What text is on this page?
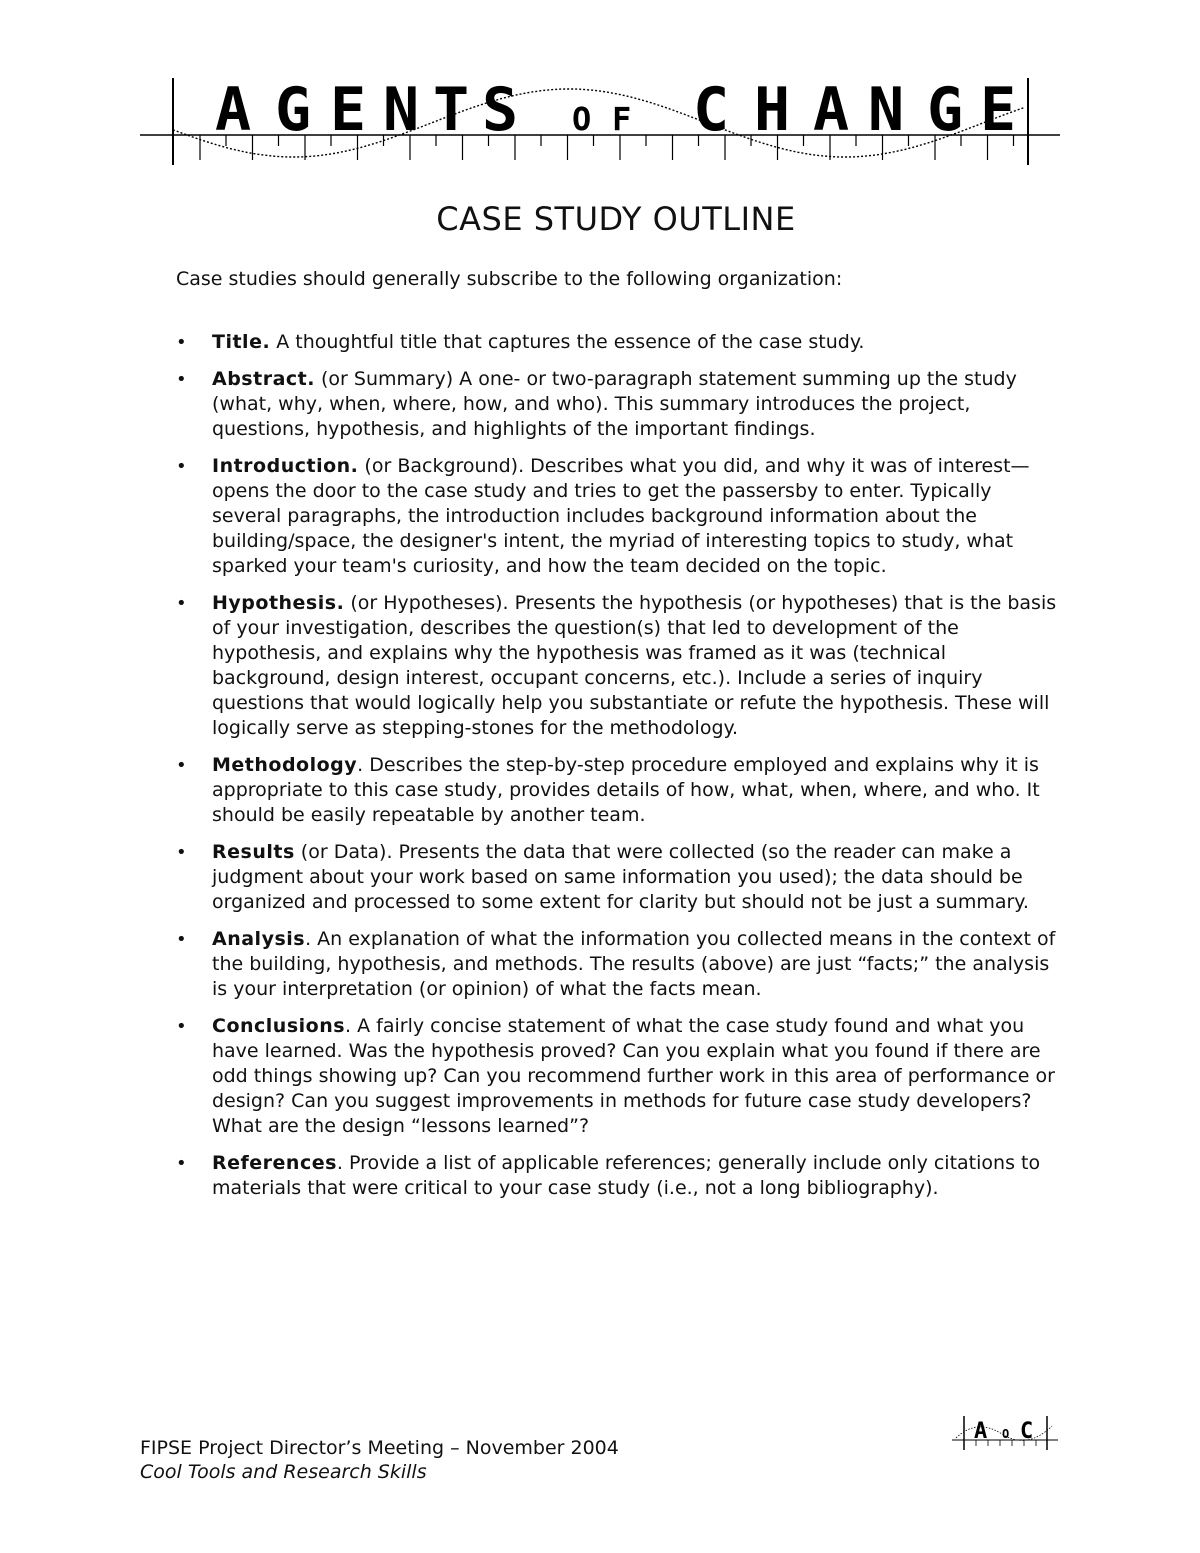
A G E N T S O F C H A N G E
CASE STUDY OUTLINE

Case studies should generally subscribe to the following organization:

• Title. A thoughtful title that captures the essence of the case study.
• Abstract. (or Summary) A one- or two-paragraph statement summing up the study (what, why, when, where, how, and who). This summary introduces the project, questions, hypothesis, and highlights of the important findings.
• Introduction. (or Background). Describes what you did, and why it was of interest—opens the door to the case study and tries to get the passersby to enter. Typically several paragraphs, the introduction includes background information about the building/space, the designer's intent, the myriad of interesting topics to study, what sparked your team's curiosity, and how the team decided on the topic.
• Hypothesis. (or Hypotheses). Presents the hypothesis (or hypotheses) that is the basis of your investigation, describes the question(s) that led to development of the hypothesis, and explains why the hypothesis was framed as it was (technical background, design interest, occupant concerns, etc.). Include a series of inquiry questions that would logically help you substantiate or refute the hypothesis. These will logically serve as stepping-stones for the methodology.
• Methodology. Describes the step-by-step procedure employed and explains why it is appropriate to this case study, provides details of how, what, when, where, and who. It should be easily repeatable by another team.
• Results (or Data). Presents the data that were collected (so the reader can make a judgment about your work based on same information you used); the data should be organized and processed to some extent for clarity but should not be just a summary.
• Analysis. An explanation of what the information you collected means in the context of the building, hypothesis, and methods. The results (above) are just “facts;” the analysis is your interpretation (or opinion) of what the facts mean.
• Conclusions. A fairly concise statement of what the case study found and what you have learned. Was the hypothesis proved? Can you explain what you found if there are odd things showing up? Can you recommend further work in this area of performance or design? Can you suggest improvements in methods for future case study developers? What are the design “lessons learned”?
• References. Provide a list of applicable references; generally include only citations to materials that were critical to your case study (i.e., not a long bibliography).

FIPSE Project Director’s Meeting – November 2004

Cool Tools and Research Skills

A O C
